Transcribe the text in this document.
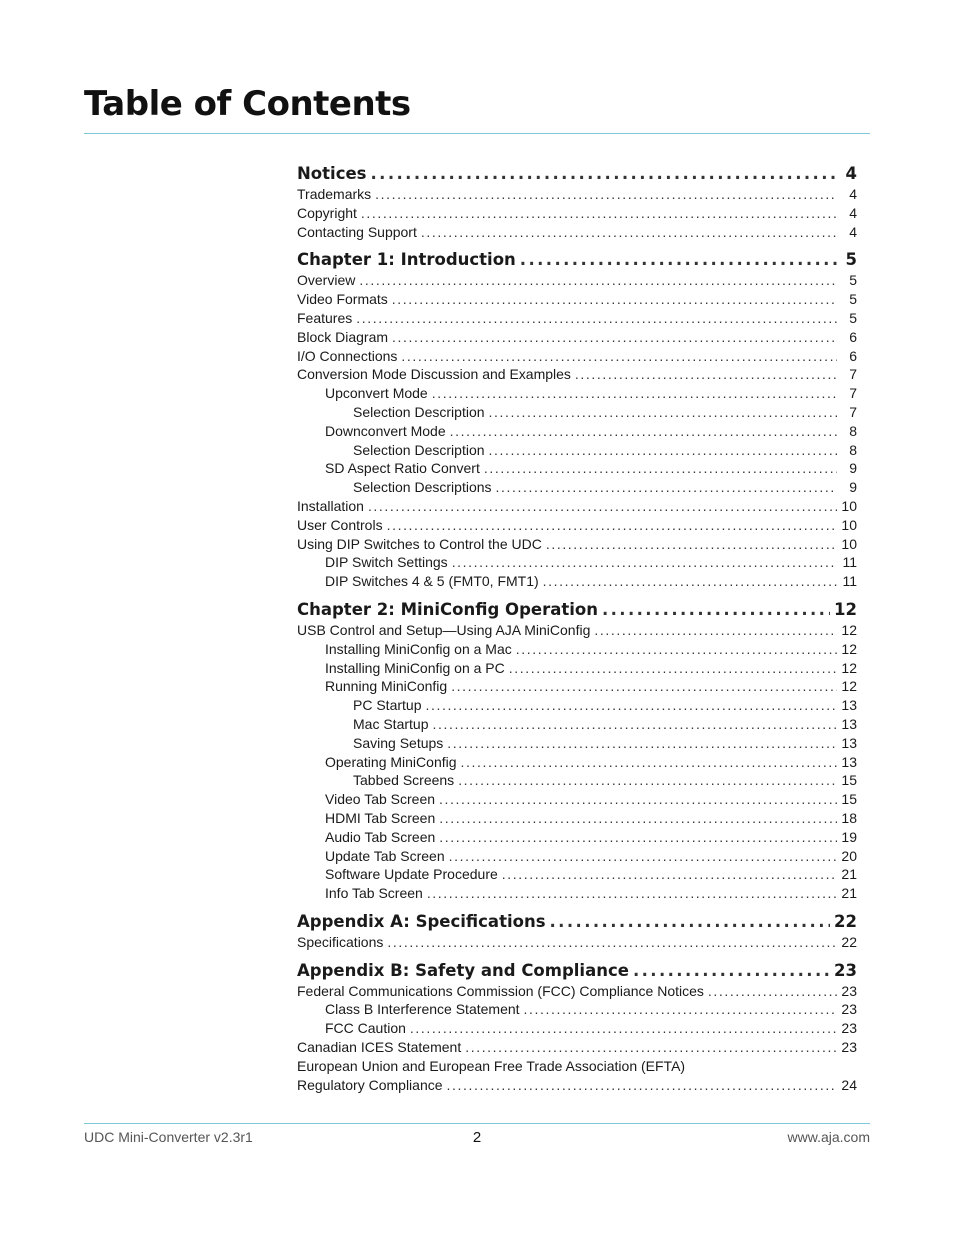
Table of Contents
Notices .....	4
Trademarks .....	4
Copyright .....	4
Contacting Support .....	4
Chapter 1: Introduction .....	5
Overview .....	5
Video Formats .....	5
Features .....	5
Block Diagram .....	6
I/O Connections .....	6
Conversion Mode Discussion and Examples .....	7
Upconvert Mode .....	7
Selection Description .....	7
Downconvert Mode .....	8
Selection Description .....	8
SD Aspect Ratio Convert .....	9
Selection Descriptions .....	9
Installation .....	10
User Controls .....	10
Using DIP Switches to Control the UDC .....	10
DIP Switch Settings .....	11
DIP Switches 4 & 5 (FMT0, FMT1) .....	11
Chapter 2: MiniConfig Operation .....	12
USB Control and Setup—Using AJA MiniConfig .....	12
Installing MiniConfig on a Mac .....	12
Installing MiniConfig on a PC .....	12
Running MiniConfig .....	12
PC Startup .....	13
Mac Startup .....	13
Saving Setups .....	13
Operating MiniConfig .....	13
Tabbed Screens .....	15
Video Tab Screen .....	15
HDMI Tab Screen .....	18
Audio Tab Screen .....	19
Update Tab Screen .....	20
Software Update Procedure .....	21
Info Tab Screen .....	21
Appendix A: Specifications .....	22
Specifications .....	22
Appendix B: Safety and Compliance .....	23
Federal Communications Commission (FCC) Compliance Notices .....	23
Class B Interference Statement .....	23
FCC Caution .....	23
Canadian ICES Statement .....	23
European Union and European Free Trade Association (EFTA)
Regulatory Compliance .....	24
UDC Mini-Converter v2.3r1	2	www.aja.com
